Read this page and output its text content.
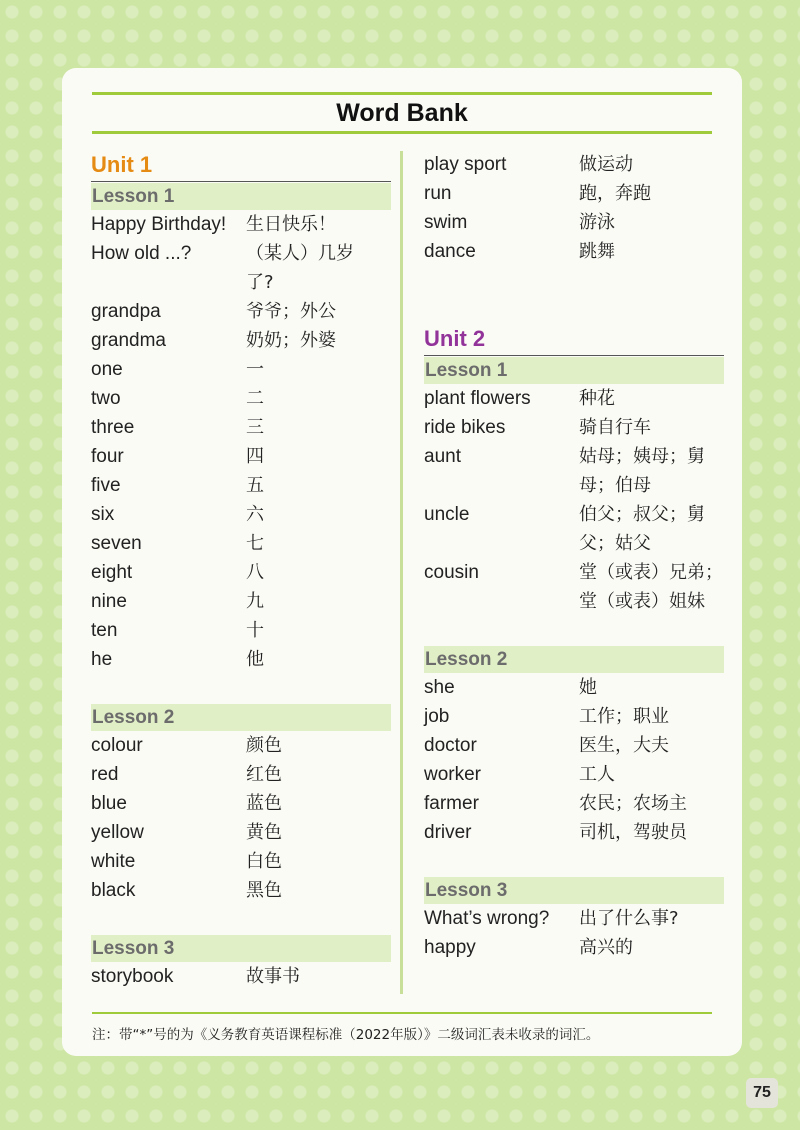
Word Bank
Unit 1
Lesson 1
Happy Birthday!	生日快乐！
How old ...?	（某人）几岁了?
grandpa	爷爷；外公
grandma	奶奶；外婆
one	一
two	二
three	三
four	四
five	五
six	六
seven	七
eight	八
nine	九
ten	十
he	他
Lesson 2
colour	颜色
red	红色
blue	蓝色
yellow	黄色
white	白色
black	黑色
Lesson 3
storybook	故事书
play sport	做运动
run	跑，奔跑
swim	游泳
dance	跳舞
Unit 2
Lesson 1
plant flowers	种花
ride bikes	骑自行车
aunt	姑母；姨母；舅母；伯母
uncle	伯父；叔父；舅父；姑父
cousin	堂（或表）兄弟；堂（或表）姐妹
Lesson 2
she	她
job	工作；职业
doctor	医生，大夫
worker	工人
farmer	农民；农场主
driver	司机，驾驶员
Lesson 3
What’s wrong?	出了什么事?
happy	高兴的
注：带“*”号的为《义务教育英语课程标准（2022年版）》二级词汇表未收录的词汇。
75
